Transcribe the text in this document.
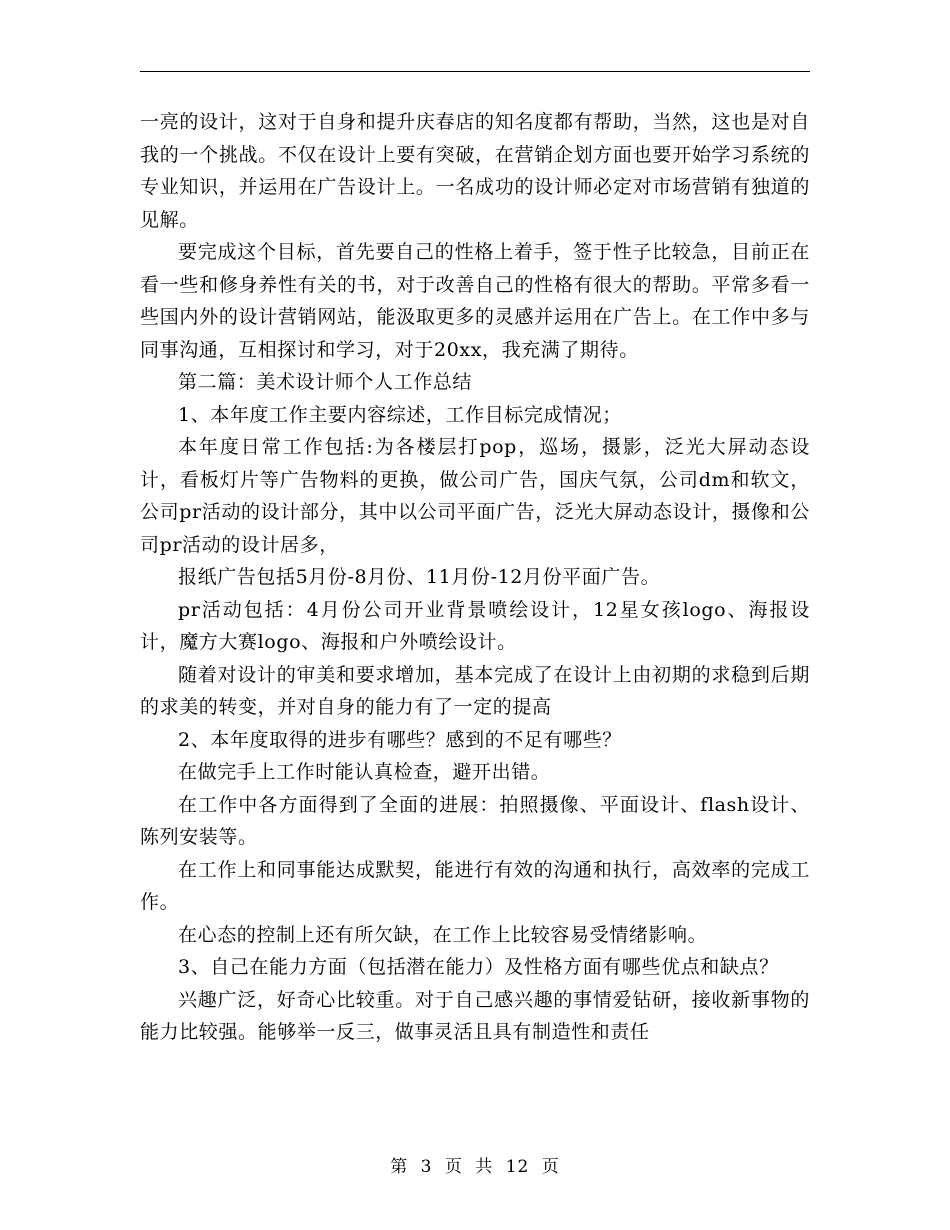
一亮的设计，这对于自身和提升庆春店的知名度都有帮助，当然，这也是对自我的一个挑战。不仅在设计上要有突破，在营销企划方面也要开始学习系统的专业知识，并运用在广告设计上。一名成功的设计师必定对市场营销有独道的见解。

要完成这个目标，首先要自己的性格上着手，签于性子比较急，目前正在看一些和修身养性有关的书，对于改善自己的性格有很大的帮助。平常多看一些国内外的设计营销网站，能汲取更多的灵感并运用在广告上。在工作中多与同事沟通，互相探讨和学习，对于20xx，我充满了期待。

第二篇：美术设计师个人工作总结

1、本年度工作主要内容综述，工作目标完成情况；

本年度日常工作包括:为各楼层打pop，巡场，摄影，泛光大屏动态设计，看板灯片等广告物料的更换，做公司广告，国庆气氛，公司dm和软文，公司pr活动的设计部分，其中以公司平面广告，泛光大屏动态设计，摄像和公司pr活动的设计居多，

报纸广告包括5月份-8月份、11月份-12月份平面广告。

pr活动包括：4月份公司开业背景喷绘设计，12星女孩logo、海报设计，魔方大赛logo、海报和户外喷绘设计。

随着对设计的审美和要求增加，基本完成了在设计上由初期的求稳到后期的求美的转变，并对自身的能力有了一定的提高

2、本年度取得的进步有哪些？感到的不足有哪些？

在做完手上工作时能认真检查，避开出错。

在工作中各方面得到了全面的进展：拍照摄像、平面设计、flash设计、陈列安装等。

在工作上和同事能达成默契，能进行有效的沟通和执行，高效率的完成工作。

在心态的控制上还有所欠缺，在工作上比较容易受情绪影响。

3、自己在能力方面（包括潜在能力）及性格方面有哪些优点和缺点？

兴趣广泛，好奇心比较重。对于自己感兴趣的事情爱钻研，接收新事物的能力比较强。能够举一反三，做事灵活且具有制造性和责任

第 3 页 共 12 页
